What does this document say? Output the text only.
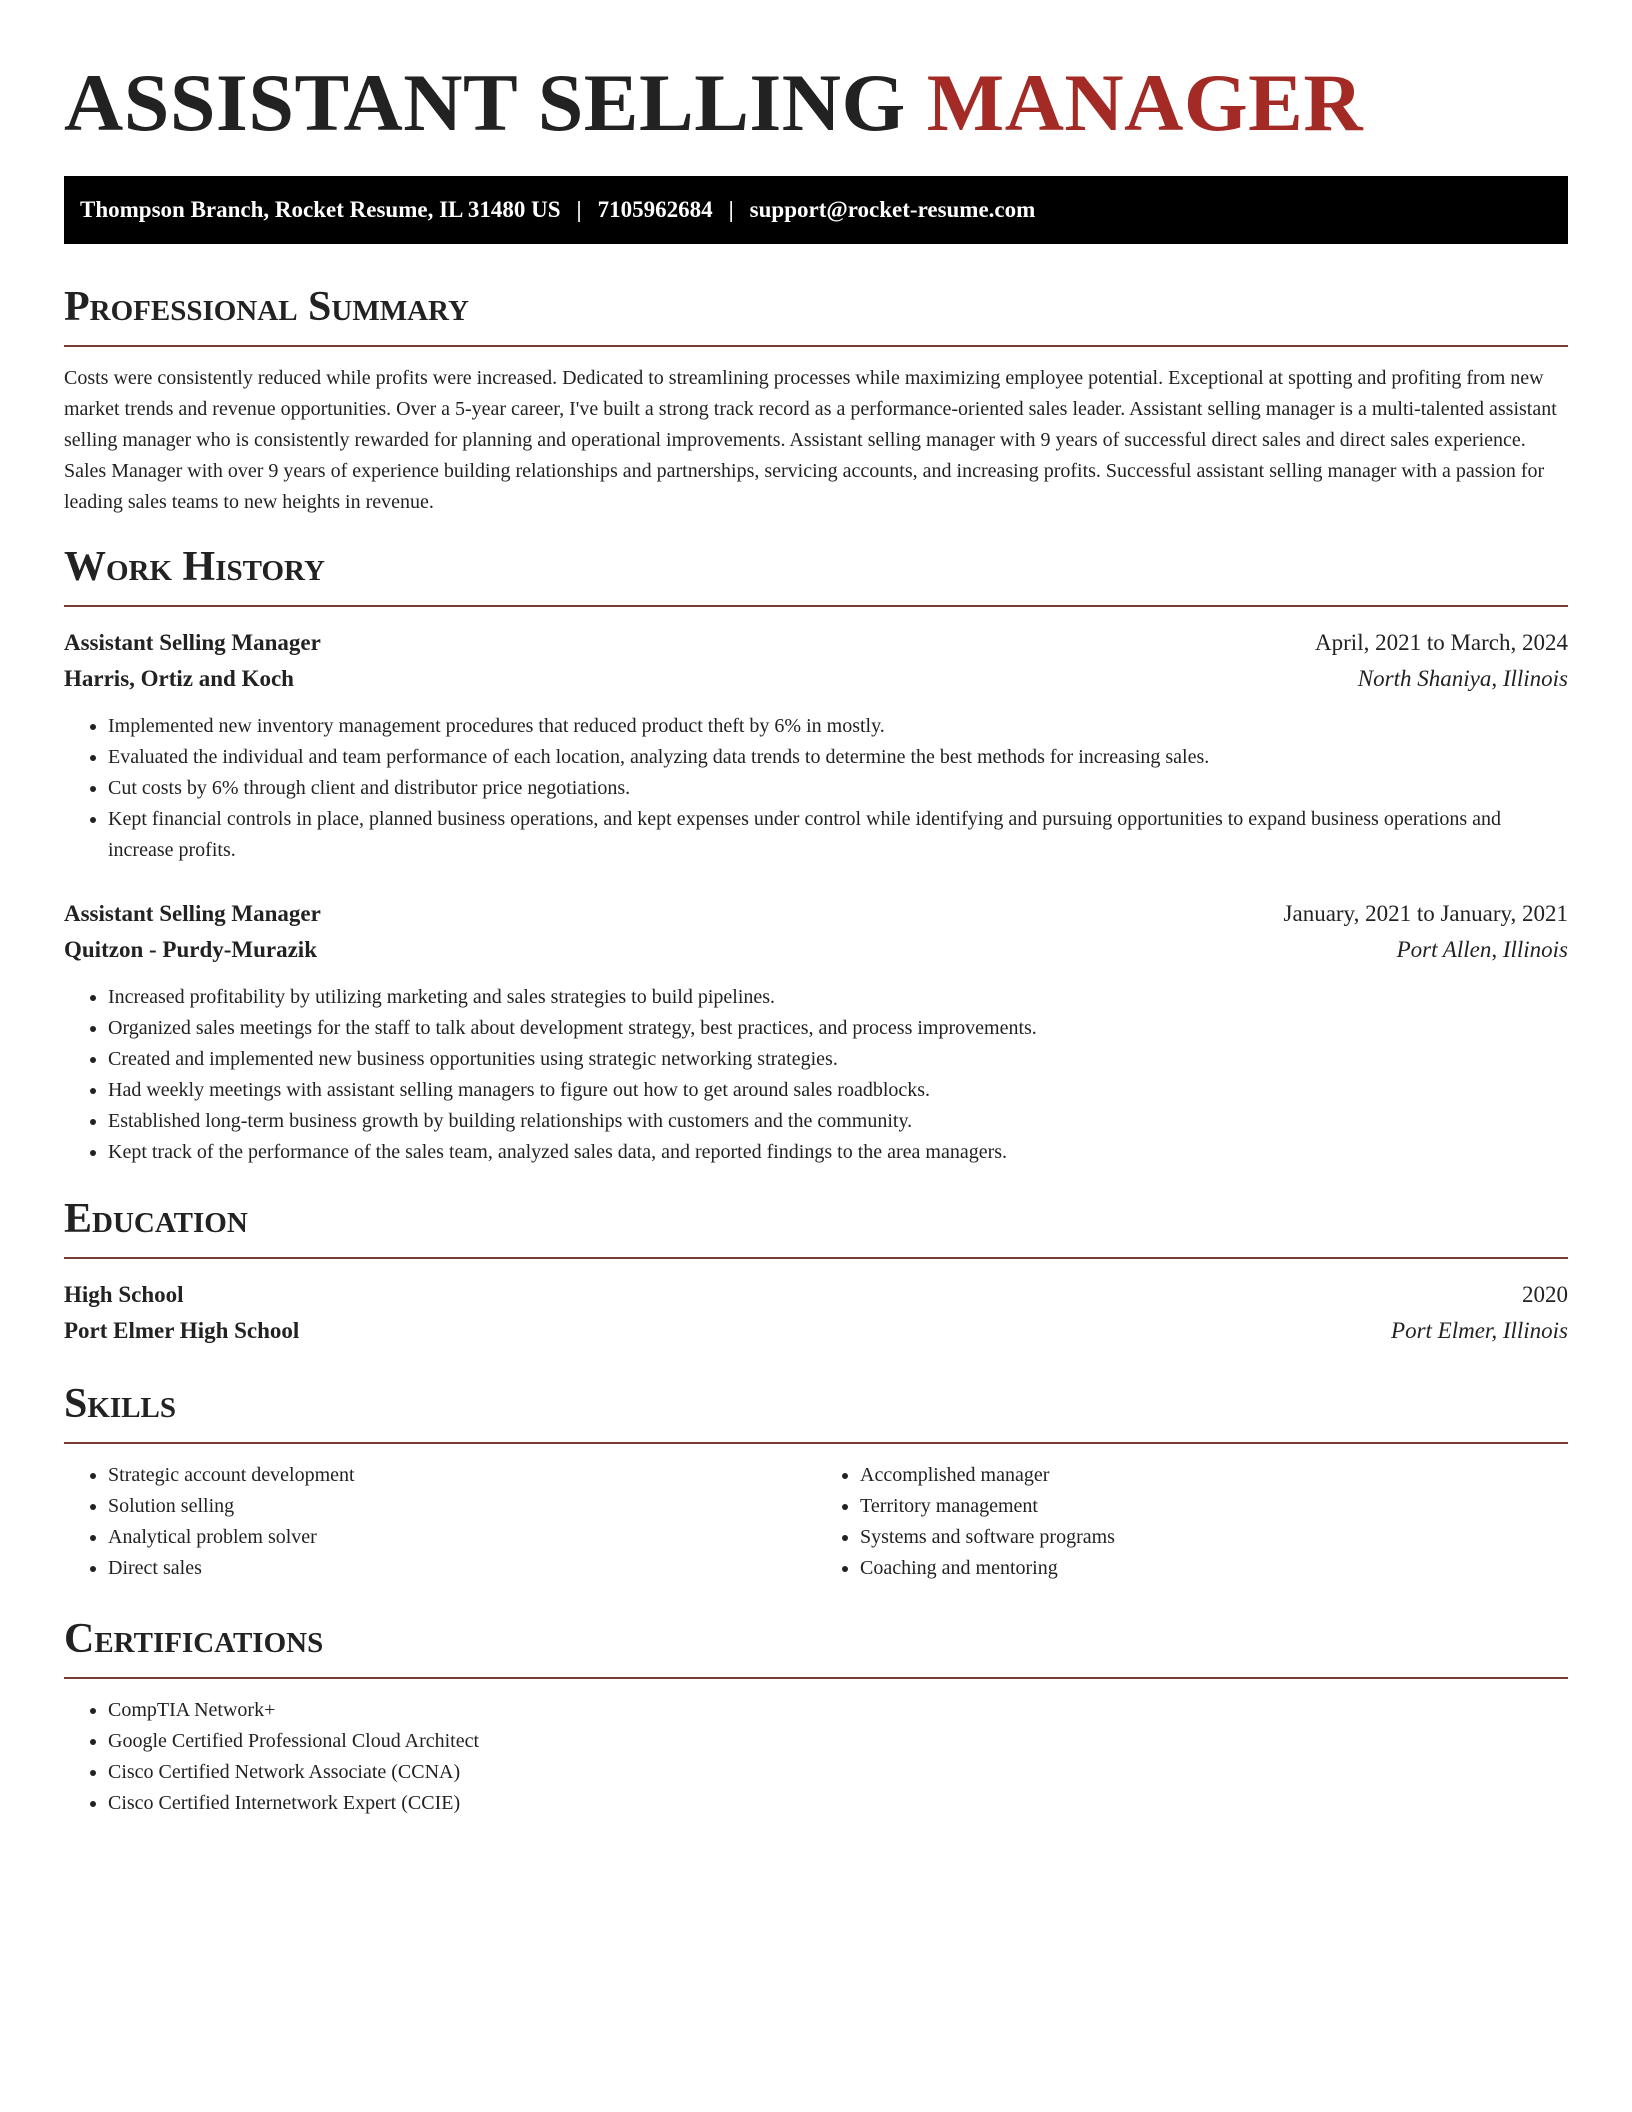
ASSISTANT SELLING MANAGER
Thompson Branch, Rocket Resume, IL 31480 US | 7105962684 | support@rocket-resume.com
Professional Summary
Costs were consistently reduced while profits were increased. Dedicated to streamlining processes while maximizing employee potential. Exceptional at spotting and profiting from new market trends and revenue opportunities. Over a 5-year career, I've built a strong track record as a performance-oriented sales leader. Assistant selling manager is a multi-talented assistant selling manager who is consistently rewarded for planning and operational improvements. Assistant selling manager with 9 years of successful direct sales and direct sales experience. Sales Manager with over 9 years of experience building relationships and partnerships, servicing accounts, and increasing profits. Successful assistant selling manager with a passion for leading sales teams to new heights in revenue.
Work History
Assistant Selling Manager	April, 2021 to March, 2024
Harris, Ortiz and Koch	North Shaniya, Illinois
• Implemented new inventory management procedures that reduced product theft by 6% in mostly.
• Evaluated the individual and team performance of each location, analyzing data trends to determine the best methods for increasing sales.
• Cut costs by 6% through client and distributor price negotiations.
• Kept financial controls in place, planned business operations, and kept expenses under control while identifying and pursuing opportunities to expand business operations and increase profits.
Assistant Selling Manager	January, 2021 to January, 2021
Quitzon - Purdy-Murazik	Port Allen, Illinois
• Increased profitability by utilizing marketing and sales strategies to build pipelines.
• Organized sales meetings for the staff to talk about development strategy, best practices, and process improvements.
• Created and implemented new business opportunities using strategic networking strategies.
• Had weekly meetings with assistant selling managers to figure out how to get around sales roadblocks.
• Established long-term business growth by building relationships with customers and the community.
• Kept track of the performance of the sales team, analyzed sales data, and reported findings to the area managers.
Education
High School	2020
Port Elmer High School	Port Elmer, Illinois
Skills
• Strategic account development
• Solution selling
• Analytical problem solver
• Direct sales
• Accomplished manager
• Territory management
• Systems and software programs
• Coaching and mentoring
Certifications
• CompTIA Network+
• Google Certified Professional Cloud Architect
• Cisco Certified Network Associate (CCNA)
• Cisco Certified Internetwork Expert (CCIE)
